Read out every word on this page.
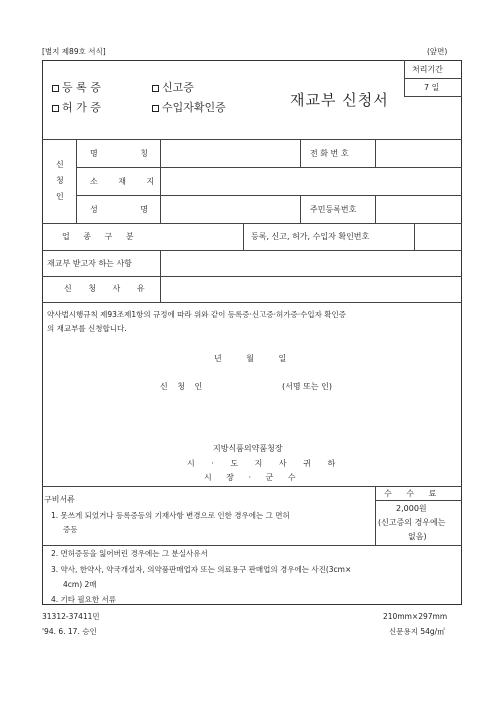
[별지 제89호 서식]	(앞면)
등 록 증	신고증
허 가 증	수입자확인증	재교부 신청서
처리기간
7 일
신
청
인
명 칭	전 화 번 호
소 재 지
성 명	주민등록번호
업 종 구 분	등록, 신고, 허가, 수입자 확인번호
재교부 받고자 하는 사항
신 청 사 유
약사법시행규칙 제93조제1항의 규정에 따라 위와 같이 등록증·신고증·허가증·수입자 확인증
의 재교부를 신청합니다.
년 월 일
신 청 인	(서명 또는 인)
지방식품의약품청장
시 · 도 지 사 귀 하
시 장 · 군 수
구비서류
1. 못쓰게 되었거나 등록증등의 기재사항 변경으로 인한 경우에는 그 면허
증등
2. 면허증등을 잃어버린 경우에는 그 분실사유서
3. 약사, 한약사, 약국개설자, 의약품판매업자 또는 의료용구 판매업의 경우에는 사진(3cm×
4cm) 2매
4. 기타 필요한 서류
수 수 료
2,000원
(신고증의 경우에는
없음)
31312-37411민
'94. 6. 17. 승인
210mm×297mm
신문용지 54g/㎡
